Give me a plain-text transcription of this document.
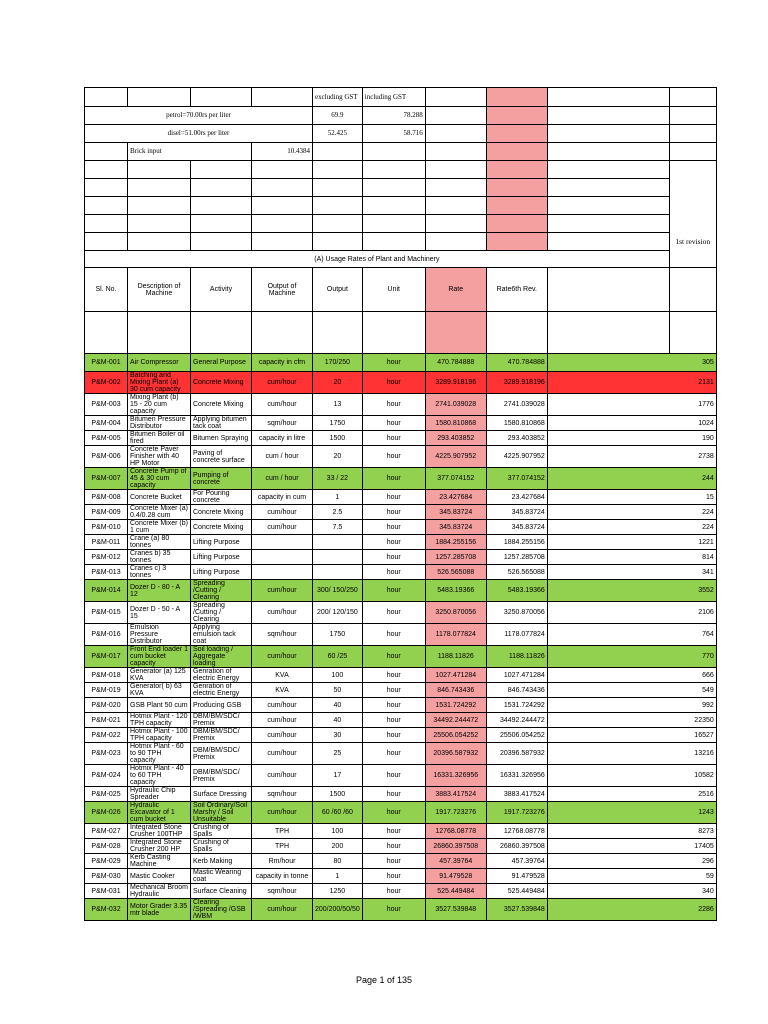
				excluding GST	including GST				
petrol=70.00rs per liter				69.9	78.288				
disel=51.00rs per liter				52.425	58.716				
	Brick input		10.4384						
									1st revision

(A) Usage Rates of Plant and Machinery									
Sl. No.	Description of Machine	Activity	Output of Machine	Output	Unit	Rate	Rate6th Rev.		

P&M-001	Air Compressor	General Purpose	capacity in cfm	170/250	hour	470.784888	470.784888	305	
P&M-002	Batching and Mixing Plant (a) 30 cum capacity	Concrete Mixing	cum/hour	20	hour	3289.918196	3289.918196	2131	
P&M-003	Mixing Plant (b) 15 - 20 cum capacity	Concrete Mixing	cum/hour	13	hour	2741.039028	2741.039028	1776	
P&M-004	Bitumen Pressure Distributor	Applying bitumen tack coat	sqm/hour	1750	hour	1580.810868	1580.810868	1024	
P&M-005	Bitumen Boiler oil fired	Bitumen Spraying	capacity in litre	1500	hour	293.403852	293.403852	190	
P&M-006	Concrete Paver Finisher with 40 HP Motor	Paving of concrete surface	cum / hour	20	hour	4225.907952	4225.907952	2738	
P&M-007	Concrete Pump of 45 & 30 cum capacity	Pumping of concrete	cum / hour	33 / 22	hour	377.074152	377.074152	244	
P&M-008	Concrete Bucket	For Pouring concrete	capacity in cum	1	hour	23.427684	23.427684	15	
P&M-009	Concrete Mixer (a) 0.4/0.28 cum	Concrete Mixing	cum/hour	2.5	hour	345.83724	345.83724	224	
P&M-010	Concrete Mixer (b) 1 cum	Concrete Mixing	cum/hour	7.5	hour	345.83724	345.83724	224	
P&M-011	Crane (a) 80 tonnes	Lifting Purpose			hour	1884.255156	1884.255156	1221	
P&M-012	Cranes b) 35 tonnes	Lifting Purpose			hour	1257.285708	1257.285708	814	
P&M-013	Cranes c) 3 tonnes	Lifting Purpose			hour	526.565088	526.565088	341	
P&M-014	Dozer D - 80 - A 12	Spreading /Cutting / Clearing	cum/hour	300/ 150/250	hour	5483.19366	5483.19366	3552	
P&M-015	Dozer D - 50 - A 15	Spreading /Cutting / Clearing	cum/hour	200/ 120/150	hour	3250.870056	3250.870056	2106	
P&M-016	Emulsion Pressure Distributor	Applying emulsion tack coat	sqm/hour	1750	hour	1178.077824	1178.077824	764	
P&M-017	Front End loader 1 cum bucket capacity	Soil loading / Aggregate loading	cum/hour	60 /25	hour	1188.11826	1188.11826	770	
P&M-018	Generator (a) 125 KVA	Genration of electric Energy	KVA	100	hour	1027.471284	1027.471284	666	
P&M-019	Generator( b) 63 KVA	Genration of electric Energy	KVA	50	hour	846.743436	846.743436	549	
P&M-020	GSB Plant 50 cum	Producing GSB	cum/hour	40	hour	1531.724292	1531.724292	992	
P&M-021	Hotmix Plant - 120 TPH capacity	DBM/BM/SDC/ Premix	cum/hour	40	hour	34492.244472	34492.244472	22350	
P&M-022	Hotmix Plant - 100 TPH capacity	DBM/BM/SDC/ Premix	cum/hour	30	hour	25506.054252	25506.054252	16527	
P&M-023	Hotmix Plant - 60 to 90 TPH capacity	DBM/BM/SDC/ Premix	cum/hour	25	hour	20396.587932	20396.587932	13216	
P&M-024	Hotmix Plant - 40 to 60 TPH capacity	DBM/BM/SDC/ Premix	cum/hour	17	hour	16331.326956	16331.326956	10582	
P&M-025	Hydraulic Chip Spreader	Surface Dressing	sqm/hour	1500	hour	3883.417524	3883.417524	2516	
P&M-026	Hydraulic Excavator of 1 cum bucket	Soil Ordinary/Soil Marshy / Soil Unsuitable	cum/hour	60 /60 /60	hour	1917.723276	1917.723276	1243	
P&M-027	Integrated Stone Crusher 100THP	Crushing of Spalls	TPH	100	hour	12768.08778	12768.08778	8273	
P&M-028	Integrated Stone Crusher 200 HP	Crushing of Spalls	TPH	200	hour	26860.397508	26860.397508	17405	
P&M-029	Kerb Casting Machine	Kerb Making	Rm/hour	80	hour	457.39764	457.39764	296	
P&M-030	Mastic Cooker	Mastic Wearing coat	capacity in tonne	1	hour	91.479528	91.479528	59	
P&M-031	Mechanical Broom Hydraulic	Surface Cleaning	sqm/hour	1250	hour	525.449484	525.449484	340	
P&M-032	Motor Grader 3.35 mtr blade	Clearing /Spreading /GSB /WBM	cum/hour	200/200/50/50	hour	3527.539848	3527.539848	2286	
Page 1 of 135
